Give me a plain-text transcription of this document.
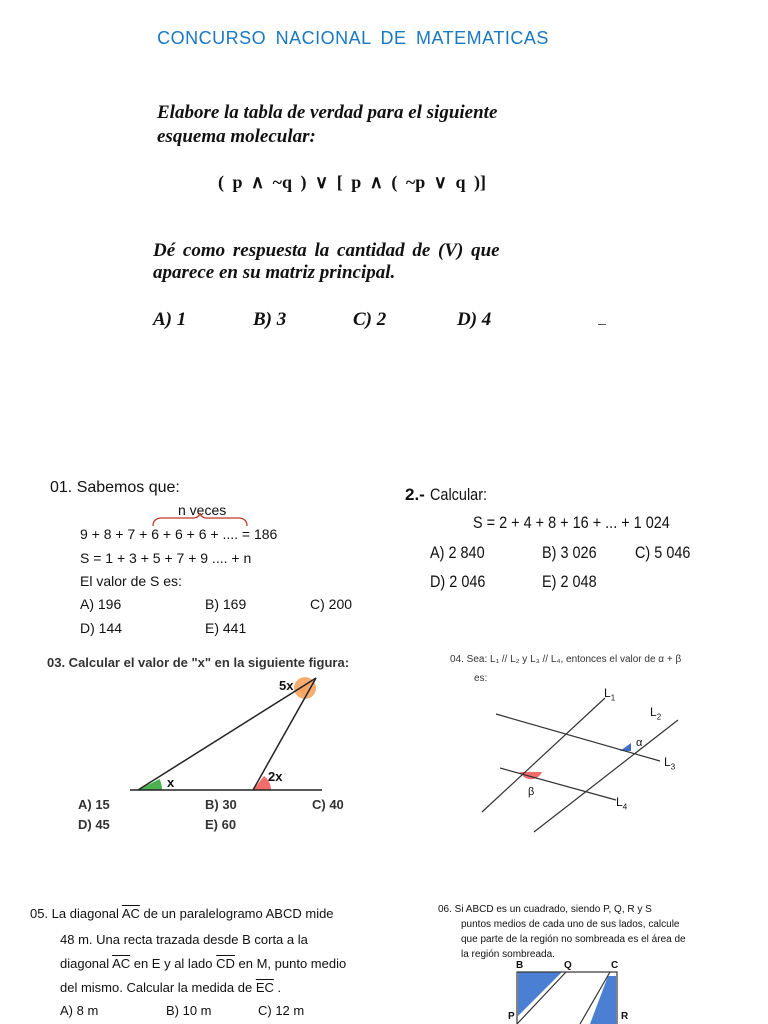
CONCURSO NACIONAL DE MATEMATICAS
Elabore la tabla de verdad para el siguiente
esquema molecular:
( p ∧ ~q ) ∨ [ p ∧ ( ~p ∨ q )]
Dé como respuesta la cantidad de (V) que
aparece en su matriz principal.
A) 1	B) 3	C) 2	D) 4
01. Sabemos que:
n veces
9 + 8 + 7 + 6 + 6 + 6 + .... = 186
S = 1 + 3 + 5 + 7 + 9 .... + n
El valor de S es:
A) 196	B) 169	C) 200
D) 144	E) 441
2.- Calcular:
S = 2 + 4 + 8 + 16 + ... + 1 024
A) 2 840	B) 3 026 C) 5 046
D) 2 046	E) 2 048
03. Calcular el valor de "x" en la siguiente figura:
5x
x	2x
A) 15	B) 30	C) 40
D) 45	E) 60
04. Sea: L₁ // L₂ y L₃ // L₄, entonces el valor de α + β
es:
$L_1$
$L_2$
$L_3$
$L_4$
α
β
05. La diagonal $\overline{AC}$ de un paralelogramo ABCD mide
48 m. Una recta trazada desde B corta a la
diagonal $\overline{AC}$ en E y al lado $\overline{CD}$ en M, punto medio
del mismo. Calcular la medida de $\overline{EC}$ .
A) 8 m	B) 10 m	C) 12 m
06. Si ABCD es un cuadrado, siendo P, Q, R y S
puntos medios de cada uno de sus lados, calcule
que parte de la región no sombreada es el área de
la región sombreada.
B	Q	C
P	R
